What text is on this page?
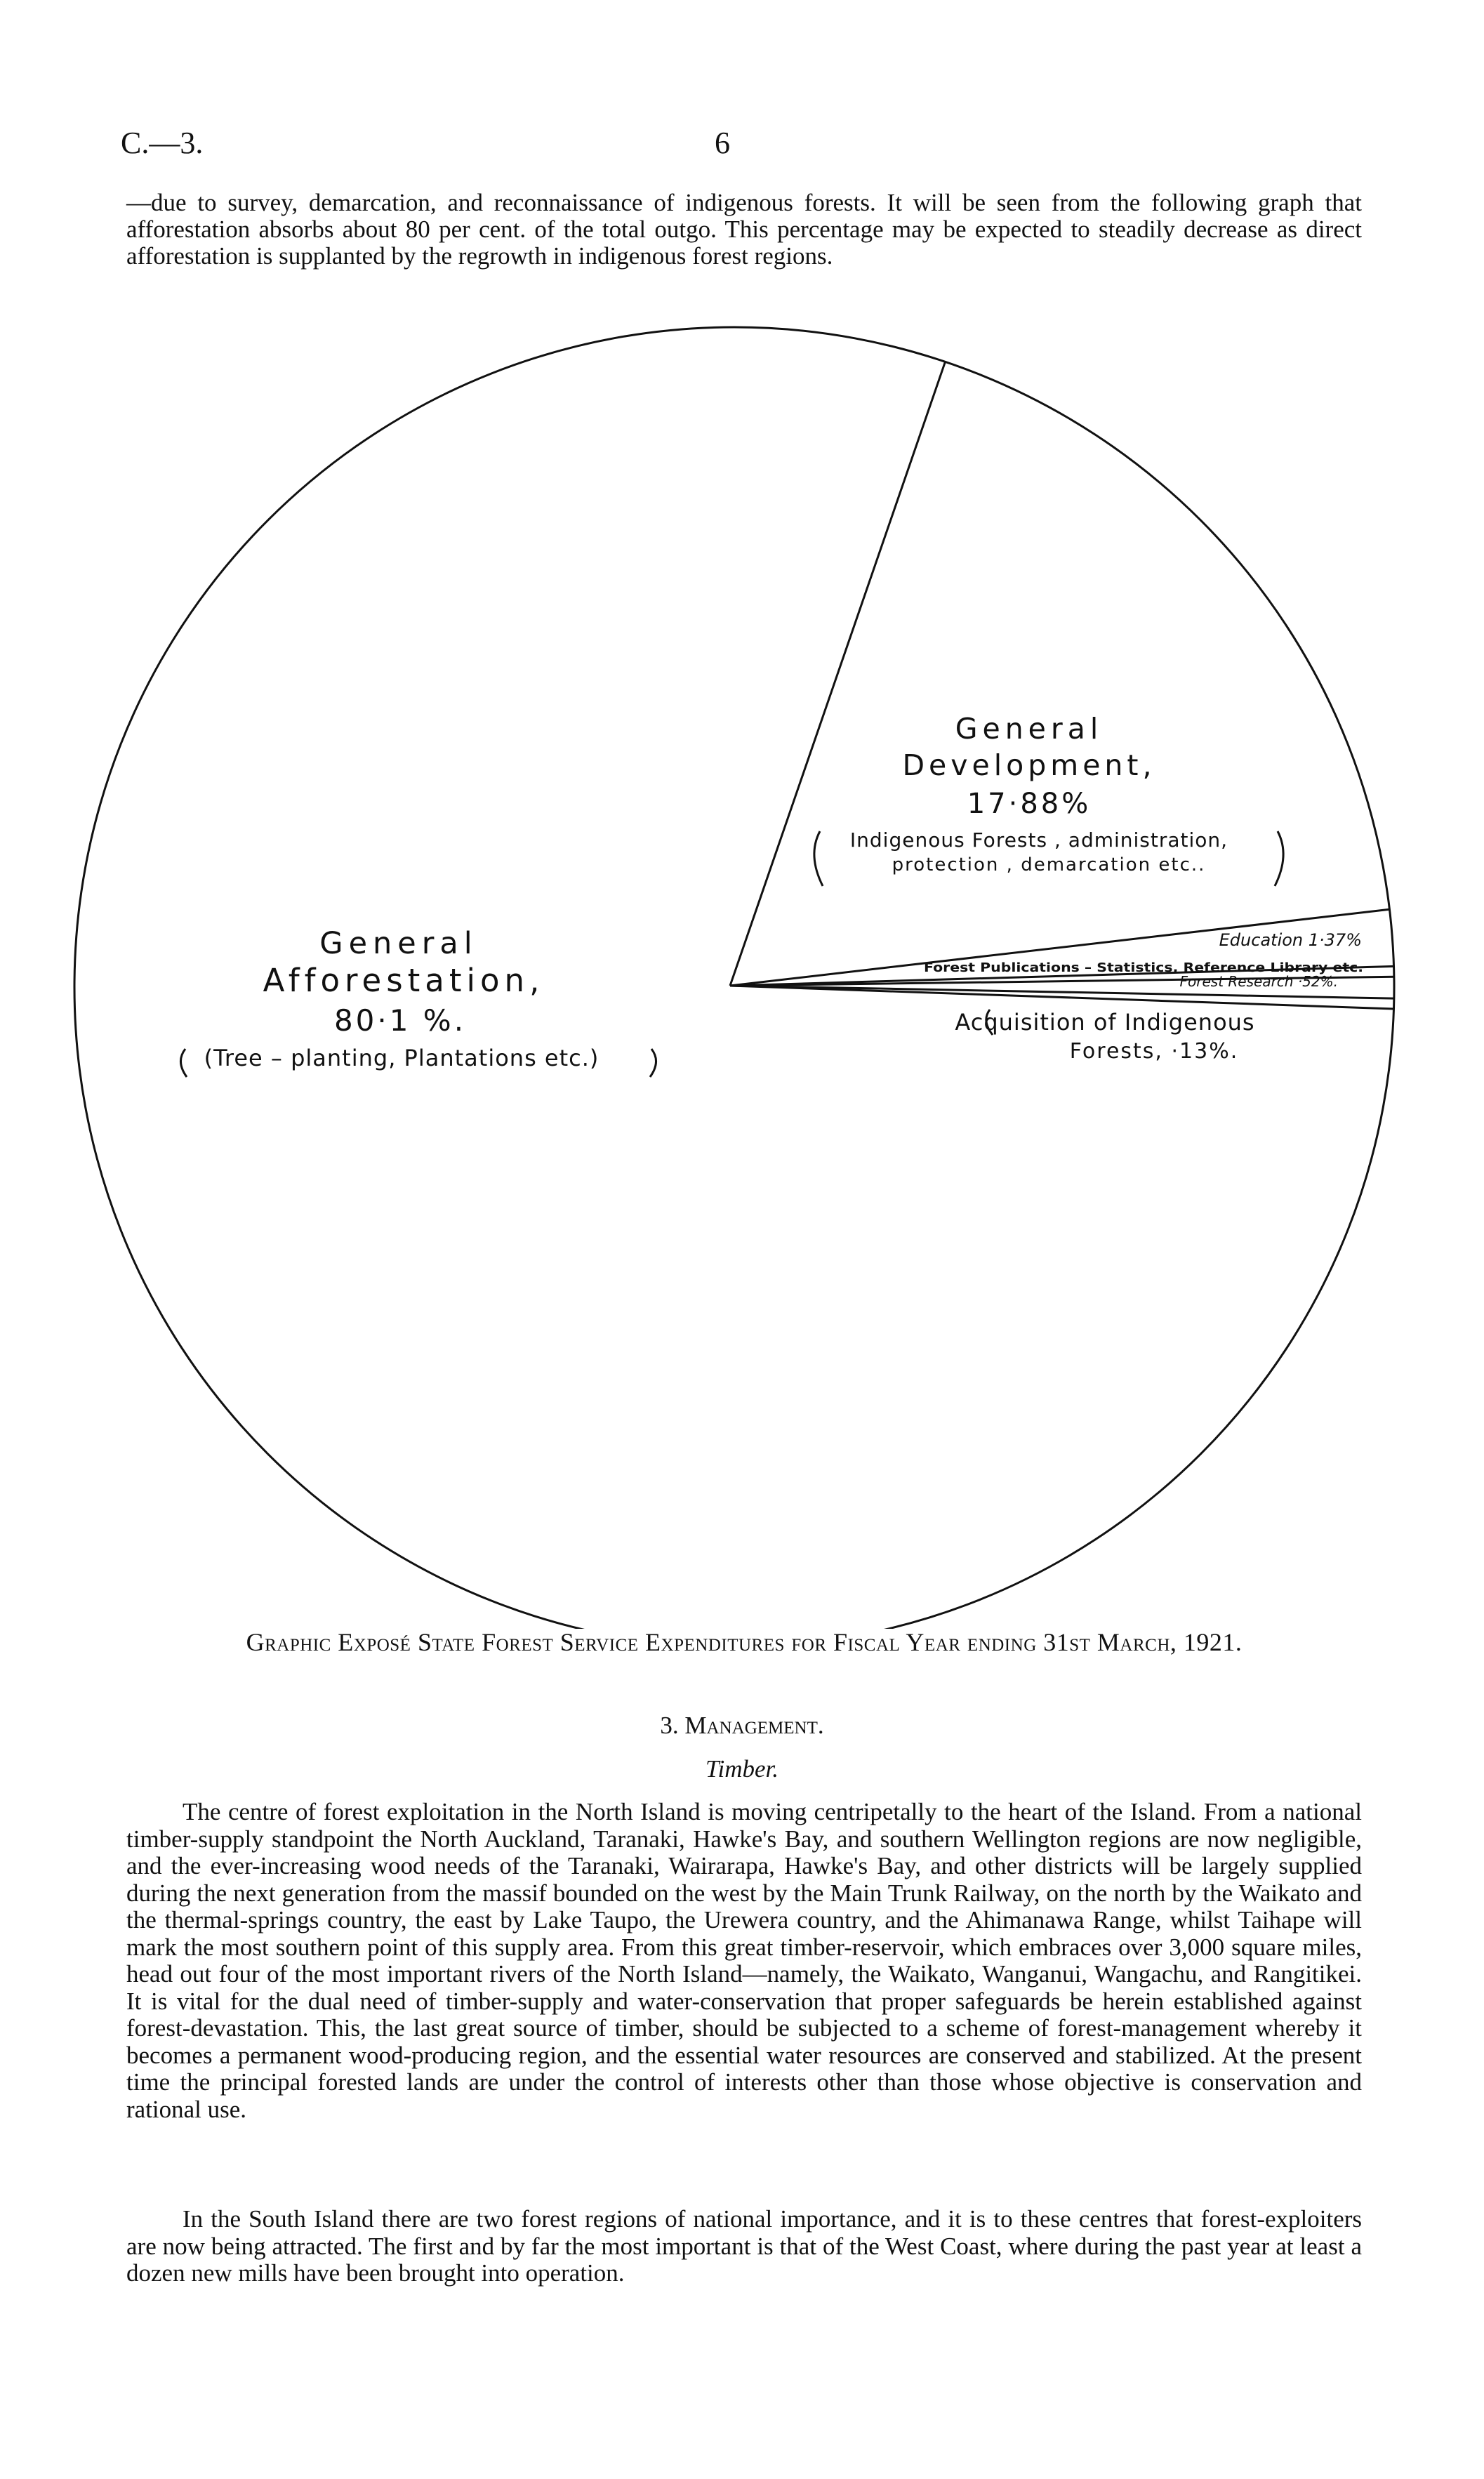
C.—3.	6
—due to survey, demarcation, and reconnaissance of indigenous forests. It will be seen from the following graph that afforestation absorbs about 80 per cent. of the total outgo. This percentage may be expected to steadily decrease as direct afforestation is supplanted by the regrowth in indigenous forest regions.
General
Afforestation,
80·1 %.
(Tree – planting, Plantations etc.)
General
Development,
17·88%
Indigenous Forests , administration,
protection , demarcation etc..
Education 1·37%
Forest Publications – Statistics, Reference Library etc.
Forest Research ·52%.
Acquisition of Indigenous
Forests, ·13%.
Graphic Exposé State Forest Service Expenditures for Fiscal Year ending 31st March, 1921.
3. Management.
Timber.
The centre of forest exploitation in the North Island is moving centripetally to the heart of the Island. From a national timber-supply standpoint the North Auckland, Taranaki, Hawke's Bay, and southern Wellington regions are now negligible, and the ever-increasing wood needs of the Taranaki, Wairarapa, Hawke's Bay, and other districts will be largely supplied during the next generation from the massif bounded on the west by the Main Trunk Railway, on the north by the Waikato and the thermal-springs country, the east by Lake Taupo, the Urewera country, and the Ahimanawa Range, whilst Taihape will mark the most southern point of this supply area. From this great timber-reservoir, which embraces over 3,000 square miles, head out four of the most important rivers of the North Island—namely, the Waikato, Wanganui, Wangachu, and Rangitikei. It is vital for the dual need of timber-supply and water-conservation that proper safeguards be herein established against forest-devastation. This, the last great source of timber, should be subjected to a scheme of forest-management whereby it becomes a permanent wood-producing region, and the essential water resources are conserved and stabilized. At the present time the principal forested lands are under the control of interests other than those whose objective is conservation and rational use.
In the South Island there are two forest regions of national importance, and it is to these centres that forest-exploiters are now being attracted. The first and by far the most important is that of the West Coast, where during the past year at least a dozen new mills have been brought into operation.
